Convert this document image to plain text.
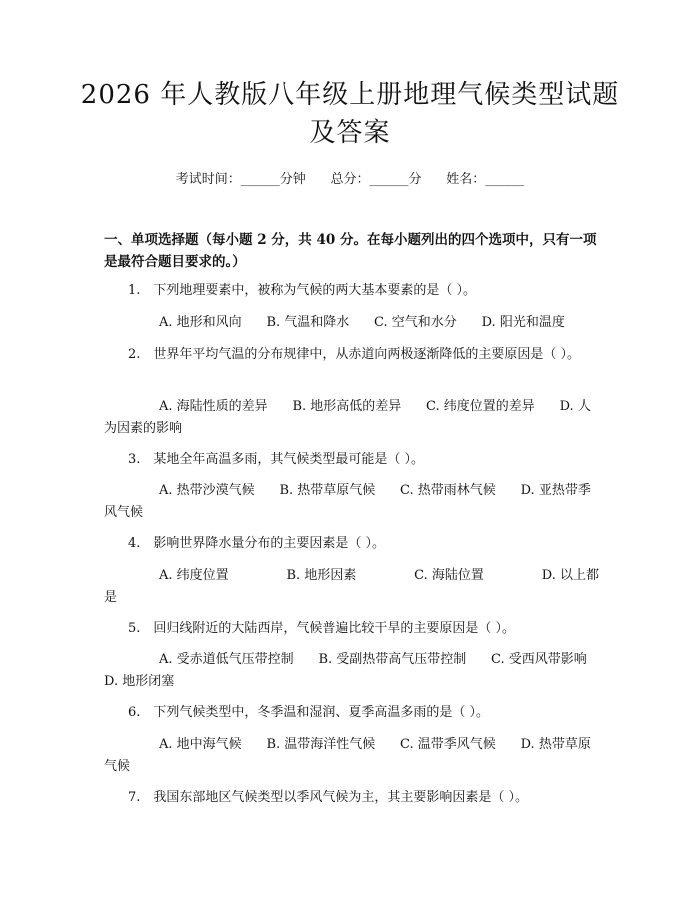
2026 年人教版八年级上册地理气候类型试题
及答案
考试时间：______分钟      总分：______分      姓名：______
一、单项选择题（每小题 2 分，共 40 分。在每小题列出的四个选项中，只有一项是最符合题目要求的。）
1.　下列地理要素中，被称为气候的两大基本要素的是（ ）。
A. 地形和风向      B. 气温和降水      C. 空气和水分      D. 阳光和温度
2.　世界年平均气温的分布规律中，从赤道向两极逐渐降低的主要原因是（ ）。
A. 海陆性质的差异      B. 地形高低的差异      C. 纬度位置的差异      D. 人为因素的影响
3.　某地全年高温多雨，其气候类型最可能是（ ）。
A. 热带沙漠气候      B. 热带草原气候      C. 热带雨林气候      D. 亚热带季风气候
4.　影响世界降水量分布的主要因素是（ ）。
A. 纬度位置              B. 地形因素              C. 海陆位置              D. 以上都是
5.　回归线附近的大陆西岸，气候普遍比较干旱的主要原因是（ ）。
A. 受赤道低气压带控制      B. 受副热带高气压带控制      C. 受西风带影响      D. 地形闭塞
6.　下列气候类型中，冬季温和湿润、夏季高温多雨的是（ ）。
A. 地中海气候      B. 温带海洋性气候      C. 温带季风气候      D. 热带草原气候
7.　我国东部地区气候类型以季风气候为主，其主要影响因素是（ ）。
